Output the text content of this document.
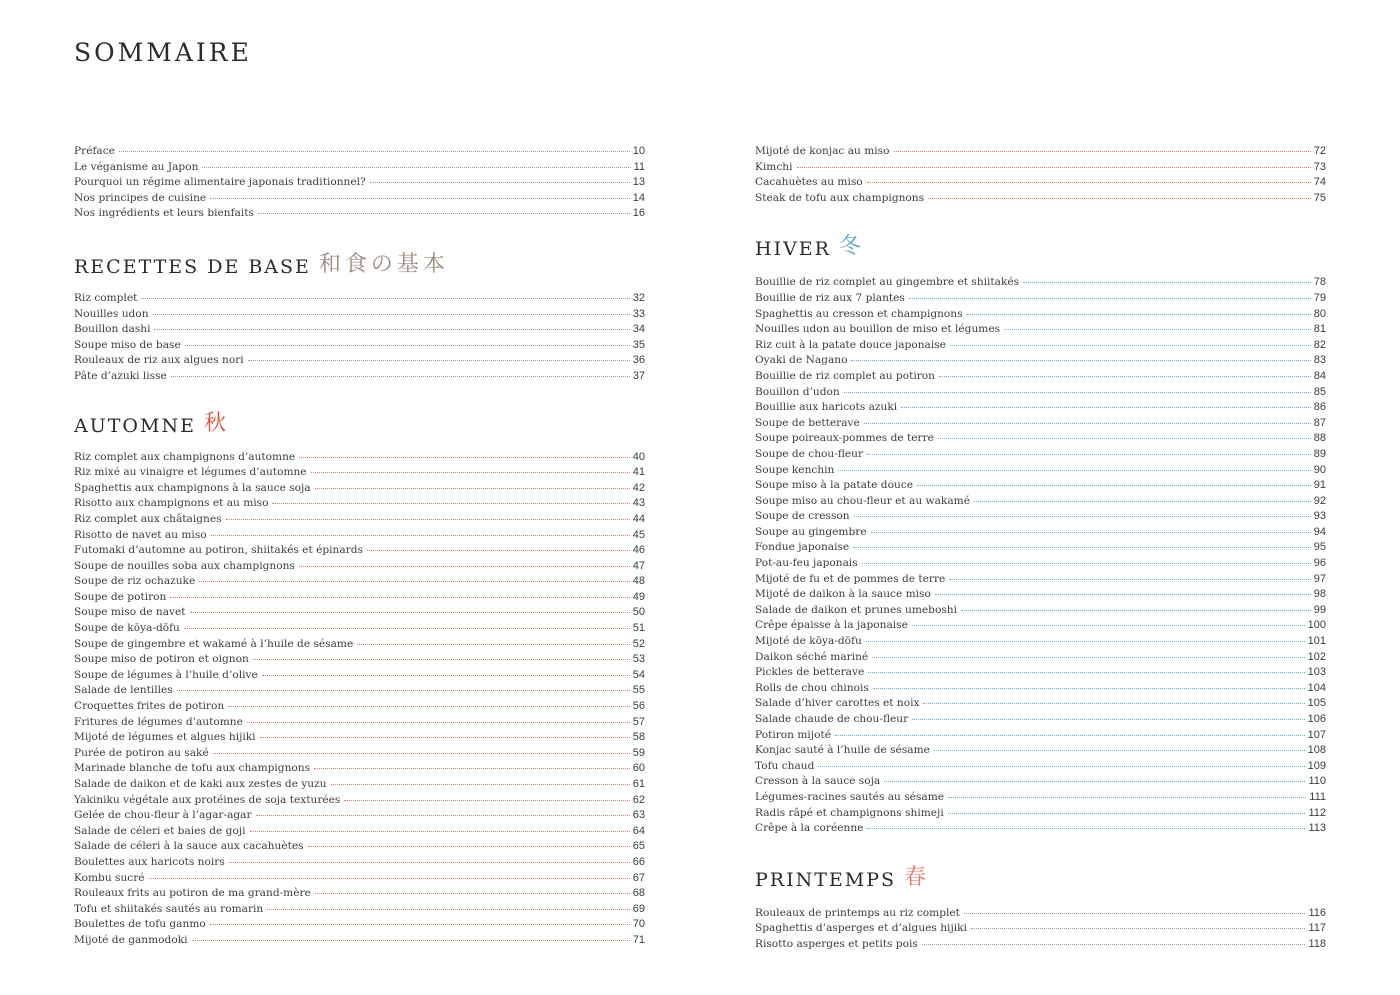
SOMMAIRE
Préface	10
Le véganisme au Japon	11
Pourquoi un régime alimentaire japonais traditionnel?	13
Nos principes de cuisine	14
Nos ingrédients et leurs bienfaits	16
RECETTES DE BASE 和食の基本
Riz complet	32
Nouilles udon	33
Bouillon dashi	34
Soupe miso de base	35
Rouleaux de riz aux algues nori	36
Pâte d’azuki lisse	37
AUTOMNE 秋
Riz complet aux champignons d’automne	40
Riz mixé au vinaigre et légumes d’automne	41
Spaghettis aux champignons à la sauce soja	42
Risotto aux champignons et au miso	43
Riz complet aux châtaignes	44
Risotto de navet au miso	45
Futomaki d’automne au potiron, shiitakés et épinards	46
Soupe de nouilles soba aux champignons	47
Soupe de riz ochazuke	48
Soupe de potiron	49
Soupe miso de navet	50
Soupe de kōya-dōfu	51
Soupe de gingembre et wakamé à l’huile de sésame	52
Soupe miso de potiron et oignon	53
Soupe de légumes à l’huile d’olive	54
Salade de lentilles	55
Croquettes frites de potiron	56
Fritures de légumes d’automne	57
Mijoté de légumes et algues hijiki	58
Purée de potiron au saké	59
Marinade blanche de tofu aux champignons	60
Salade de daikon et de kaki aux zestes de yuzu	61
Yakiniku végétale aux protéines de soja texturées	62
Gelée de chou-fleur à l’agar-agar	63
Salade de céleri et baies de goji	64
Salade de céleri à la sauce aux cacahuètes	65
Boulettes aux haricots noirs	66
Kombu sucré	67
Rouleaux frits au potiron de ma grand-mère	68
Tofu et shiitakés sautés au romarin	69
Boulettes de tofu ganmo	70
Mijoté de ganmodoki	71
Mijoté de konjac au miso	72
Kimchi	73
Cacahuètes au miso	74
Steak de tofu aux champignons	75
HIVER 冬
Bouillie de riz complet au gingembre et shiitakés	78
Bouillie de riz aux 7 plantes	79
Spaghettis au cresson et champignons	80
Nouilles udon au bouillon de miso et légumes	81
Riz cuit à la patate douce japonaise	82
Oyaki de Nagano	83
Bouillie de riz complet au potiron	84
Bouillon d’udon	85
Bouillie aux haricots azuki	86
Soupe de betterave	87
Soupe poireaux-pommes de terre	88
Soupe de chou-fleur	89
Soupe kenchin	90
Soupe miso à la patate douce	91
Soupe miso au chou-fleur et au wakamé	92
Soupe de cresson	93
Soupe au gingembre	94
Fondue japonaise	95
Pot-au-feu japonais	96
Mijoté de fu et de pommes de terre	97
Mijoté de daikon à la sauce miso	98
Salade de daikon et prunes umeboshi	99
Crêpe épaisse à la japonaise	100
Mijoté de kōya-dōfu	101
Daikon séché mariné	102
Pickles de betterave	103
Rolls de chou chinois	104
Salade d’hiver carottes et noix	105
Salade chaude de chou-fleur	106
Potiron mijoté	107
Konjac sauté à l’huile de sésame	108
Tofu chaud	109
Cresson à la sauce soja	110
Légumes-racines sautés au sésame	111
Radis râpé et champignons shimeji	112
Crêpe à la coréenne	113
PRINTEMPS 春
Rouleaux de printemps au riz complet	116
Spaghettis d’asperges et d’algues hijiki	117
Risotto asperges et petits pois	118
